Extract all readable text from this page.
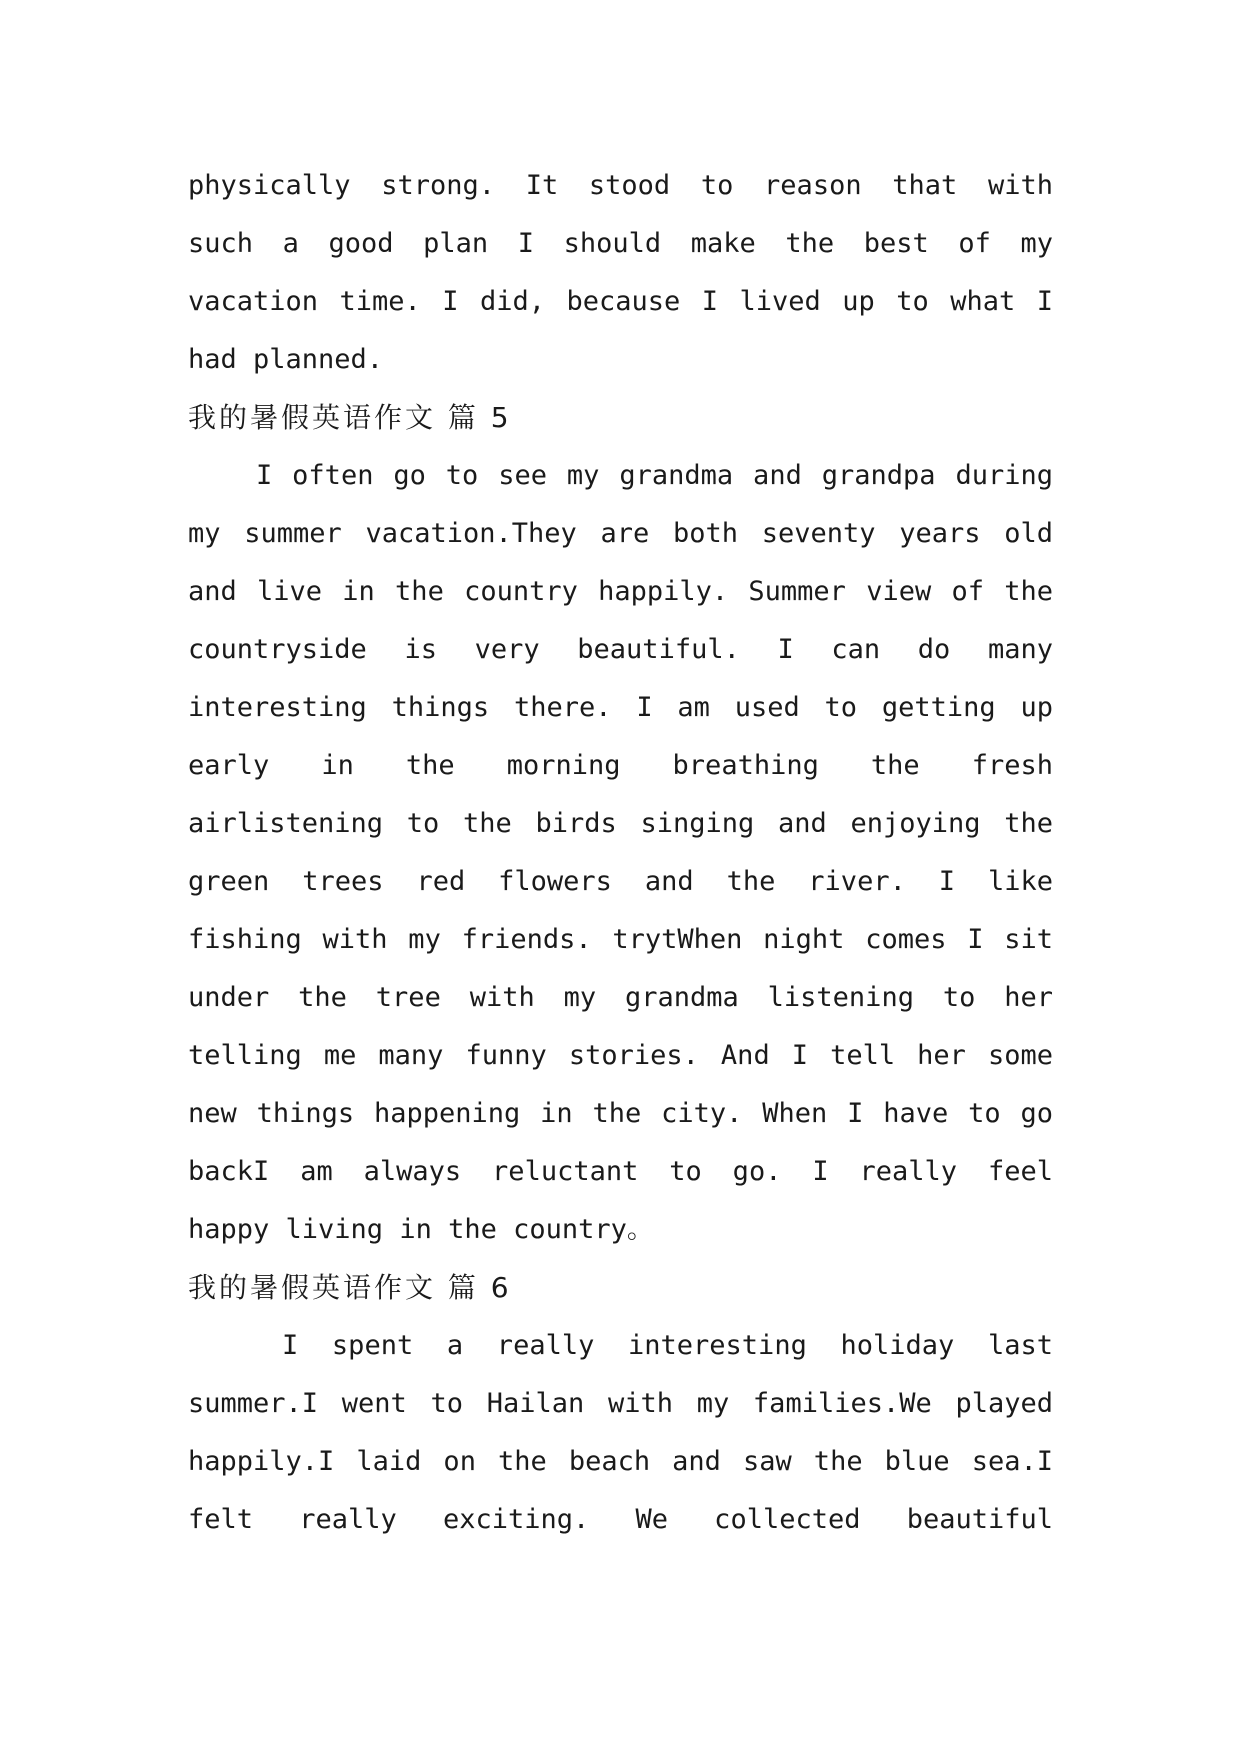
physically strong. It stood to reason that with
such a good plan I should make the best of my
vacation time. I did, because I lived up to what I
had planned.
我的暑假英语作文 篇 5
I often go to see my grandma and grandpa during
my summer vacation.They are both seventy years old
and live in the country happily. Summer view of the
countryside is very beautiful. I can do many
interesting things there. I am used to getting up
early in the morning breathing the fresh
airlistening to the birds singing and enjoying the
green trees red flowers and the river. I like
fishing with my friends. trytWhen night comes I sit
under the tree with my grandma listening to her
telling me many funny stories. And I tell her some
new things happening in the city. When I have to go
backI am always reluctant to go. I really feel
happy living in the country。
我的暑假英语作文 篇 6
I spent a really interesting holiday last
summer.I went to Hailan with my families.We played
happily.I laid on the beach and saw the blue sea.I
felt really exciting. We collected beautiful
